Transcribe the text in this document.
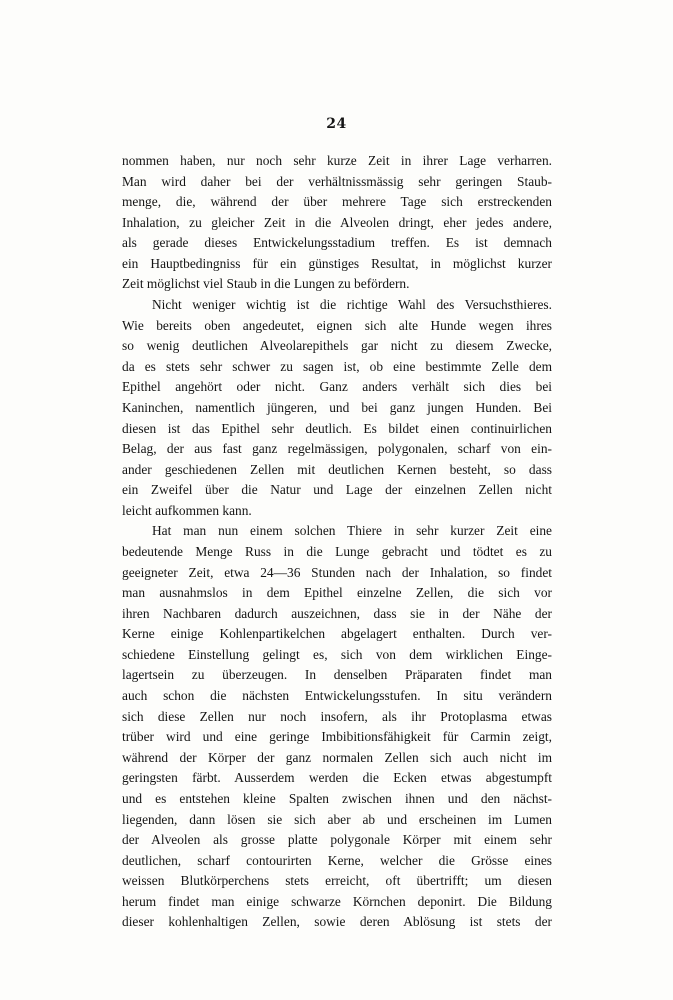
24
nommen haben, nur noch sehr kurze Zeit in ihrer Lage verharren.
Man wird daher bei der verhältnissmässig sehr geringen Staub-
menge, die, während der über mehrere Tage sich erstreckenden
Inhalation, zu gleicher Zeit in die Alveolen dringt, eher jedes andere,
als gerade dieses Entwickelungsstadium treffen. Es ist demnach
ein Hauptbedingniss für ein günstiges Resultat, in möglichst kurzer
Zeit möglichst viel Staub in die Lungen zu befördern.
Nicht weniger wichtig ist die richtige Wahl des Versuchsthieres.
Wie bereits oben angedeutet, eignen sich alte Hunde wegen ihres
so wenig deutlichen Alveolarepithels gar nicht zu diesem Zwecke,
da es stets sehr schwer zu sagen ist, ob eine bestimmte Zelle dem
Epithel angehört oder nicht. Ganz anders verhält sich dies bei
Kaninchen, namentlich jüngeren, und bei ganz jungen Hunden. Bei
diesen ist das Epithel sehr deutlich. Es bildet einen continuirlichen
Belag, der aus fast ganz regelmässigen, polygonalen, scharf von ein-
ander geschiedenen Zellen mit deutlichen Kernen besteht, so dass
ein Zweifel über die Natur und Lage der einzelnen Zellen nicht
leicht aufkommen kann.
Hat man nun einem solchen Thiere in sehr kurzer Zeit eine
bedeutende Menge Russ in die Lunge gebracht und tödtet es zu
geeigneter Zeit, etwa 24—36 Stunden nach der Inhalation, so findet
man ausnahmslos in dem Epithel einzelne Zellen, die sich vor
ihren Nachbaren dadurch auszeichnen, dass sie in der Nähe der
Kerne einige Kohlenpartikelchen abgelagert enthalten. Durch ver-
schiedene Einstellung gelingt es, sich von dem wirklichen Einge-
lagertsein zu überzeugen. In denselben Präparaten findet man
auch schon die nächsten Entwickelungsstufen. In situ verändern
sich diese Zellen nur noch insofern, als ihr Protoplasma etwas
trüber wird und eine geringe Imbibitionsfähigkeit für Carmin zeigt,
während der Körper der ganz normalen Zellen sich auch nicht im
geringsten färbt. Ausserdem werden die Ecken etwas abgestumpft
und es entstehen kleine Spalten zwischen ihnen und den nächst-
liegenden, dann lösen sie sich aber ab und erscheinen im Lumen
der Alveolen als grosse platte polygonale Körper mit einem sehr
deutlichen, scharf contourirten Kerne, welcher die Grösse eines
weissen Blutkörperchens stets erreicht, oft übertrifft; um diesen
herum findet man einige schwarze Körnchen deponirt. Die Bildung
dieser kohlenhaltigen Zellen, sowie deren Ablösung ist stets der
